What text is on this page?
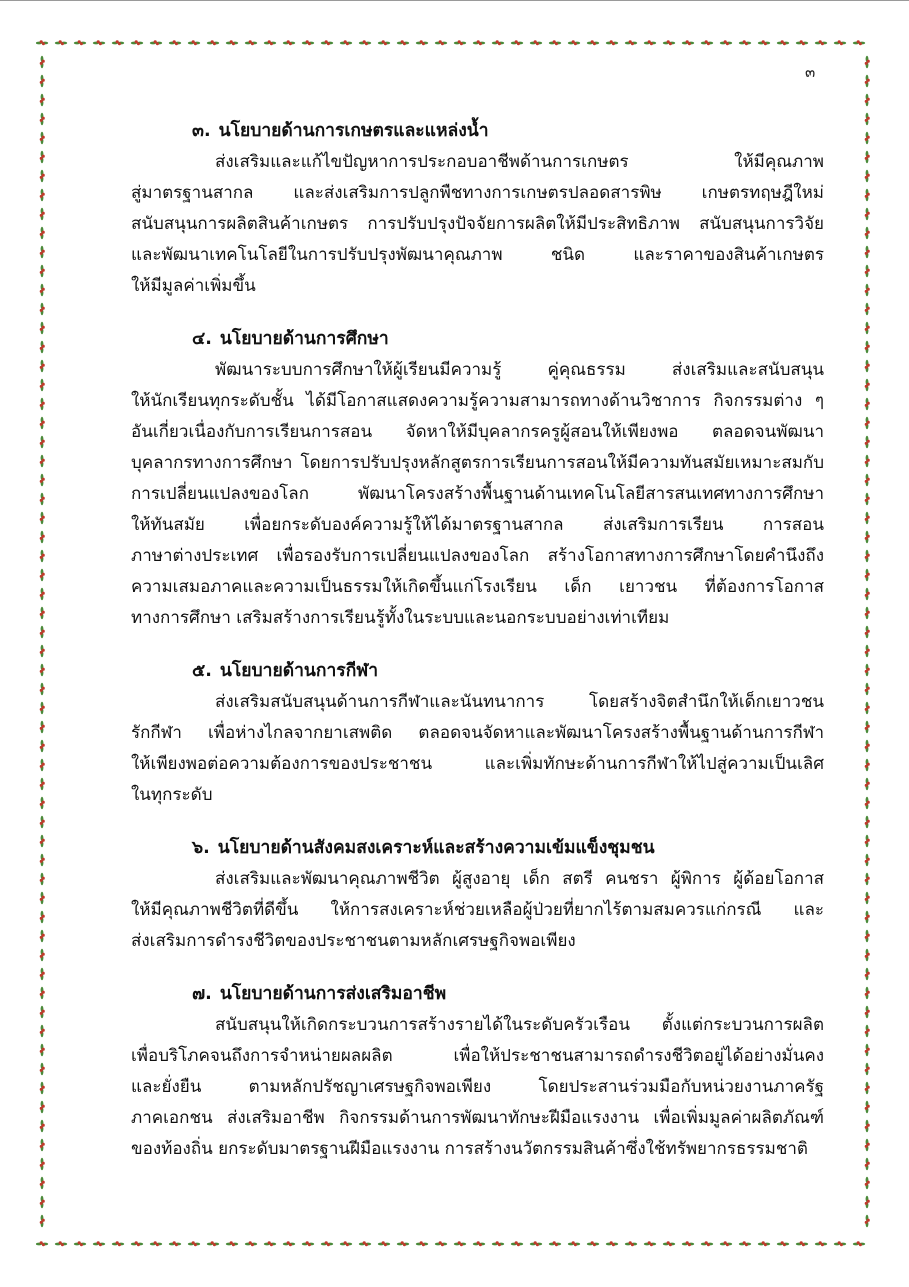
๓
๓. นโยบายด้านการเกษตรและแหล่งน้ำ

ส่งเสริมและแก้ไขปัญหาการประกอบอาชีพด้านการเกษตร ให้มีคุณภาพ

สู่มาตรฐานสากล และส่งเสริมการปลูกพืชทางการเกษตรปลอดสารพิษ เกษตรทฤษฎีใหม่

สนับสนุนการผลิตสินค้าเกษตร การปรับปรุงปัจจัยการผลิตให้มีประสิทธิภาพ สนับสนุนการวิจัย

และพัฒนาเทคโนโลยีในการปรับปรุงพัฒนาคุณภาพ ชนิด และราคาของสินค้าเกษตร

ให้มีมูลค่าเพิ่มขึ้น

๔. นโยบายด้านการศึกษา

พัฒนาระบบการศึกษาให้ผู้เรียนมีความรู้ คู่คุณธรรม ส่งเสริมและสนับสนุน

ให้นักเรียนทุกระดับชั้น ได้มีโอกาสแสดงความรู้ความสามารถทางด้านวิชาการ กิจกรรมต่าง ๆ

อันเกี่ยวเนื่องกับการเรียนการสอน จัดหาให้มีบุคลากรครูผู้สอนให้เพียงพอ ตลอดจนพัฒนา

บุคลากรทางการศึกษา โดยการปรับปรุงหลักสูตรการเรียนการสอนให้มีความทันสมัยเหมาะสมกับ

การเปลี่ยนแปลงของโลก พัฒนาโครงสร้างพื้นฐานด้านเทคโนโลยีสารสนเทศทางการศึกษา

ให้ทันสมัย เพื่อยกระดับองค์ความรู้ให้ได้มาตรฐานสากล ส่งเสริมการเรียน การสอน

ภาษาต่างประเทศ เพื่อรองรับการเปลี่ยนแปลงของโลก สร้างโอกาสทางการศึกษาโดยคำนึงถึง

ความเสมอภาคและความเป็นธรรมให้เกิดขึ้นแก่โรงเรียน เด็ก เยาวชน ที่ต้องการโอกาส

ทางการศึกษา เสริมสร้างการเรียนรู้ทั้งในระบบและนอกระบบอย่างเท่าเทียม

๕. นโยบายด้านการกีฬา

ส่งเสริมสนับสนุนด้านการกีฬาและนันทนาการ โดยสร้างจิตสำนึกให้เด็กเยาวชน

รักกีฬา เพื่อห่างไกลจากยาเสพติด ตลอดจนจัดหาและพัฒนาโครงสร้างพื้นฐานด้านการกีฬา

ให้เพียงพอต่อความต้องการของประชาชน และเพิ่มทักษะด้านการกีฬาให้ไปสู่ความเป็นเลิศ

ในทุกระดับ

๖. นโยบายด้านสังคมสงเคราะห์และสร้างความเข้มแข็งชุมชน

ส่งเสริมและพัฒนาคุณภาพชีวิต ผู้สูงอายุ เด็ก สตรี คนชรา ผู้พิการ ผู้ด้อยโอกาส

ให้มีคุณภาพชีวิตที่ดีขึ้น ให้การสงเคราะห์ช่วยเหลือผู้ป่วยที่ยากไร้ตามสมควรแก่กรณี และ

ส่งเสริมการดำรงชีวิตของประชาชนตามหลักเศรษฐกิจพอเพียง

๗. นโยบายด้านการส่งเสริมอาชีพ

สนับสนุนให้เกิดกระบวนการสร้างรายได้ในระดับครัวเรือน ตั้งแต่กระบวนการผลิต

เพื่อบริโภคจนถึงการจำหน่ายผลผลิต เพื่อให้ประชาชนสามารถดำรงชีวิตอยู่ได้อย่างมั่นคง

และยั่งยืน ตามหลักปรัชญาเศรษฐกิจพอเพียง โดยประสานร่วมมือกับหน่วยงานภาครัฐ

ภาคเอกชน ส่งเสริมอาชีพ กิจกรรมด้านการพัฒนาทักษะฝีมือแรงงาน เพื่อเพิ่มมูลค่าผลิตภัณฑ์

ของท้องถิ่น ยกระดับมาตรฐานฝีมือแรงงาน การสร้างนวัตกรรมสินค้าซึ่งใช้ทรัพยากรธรรมชาติ
